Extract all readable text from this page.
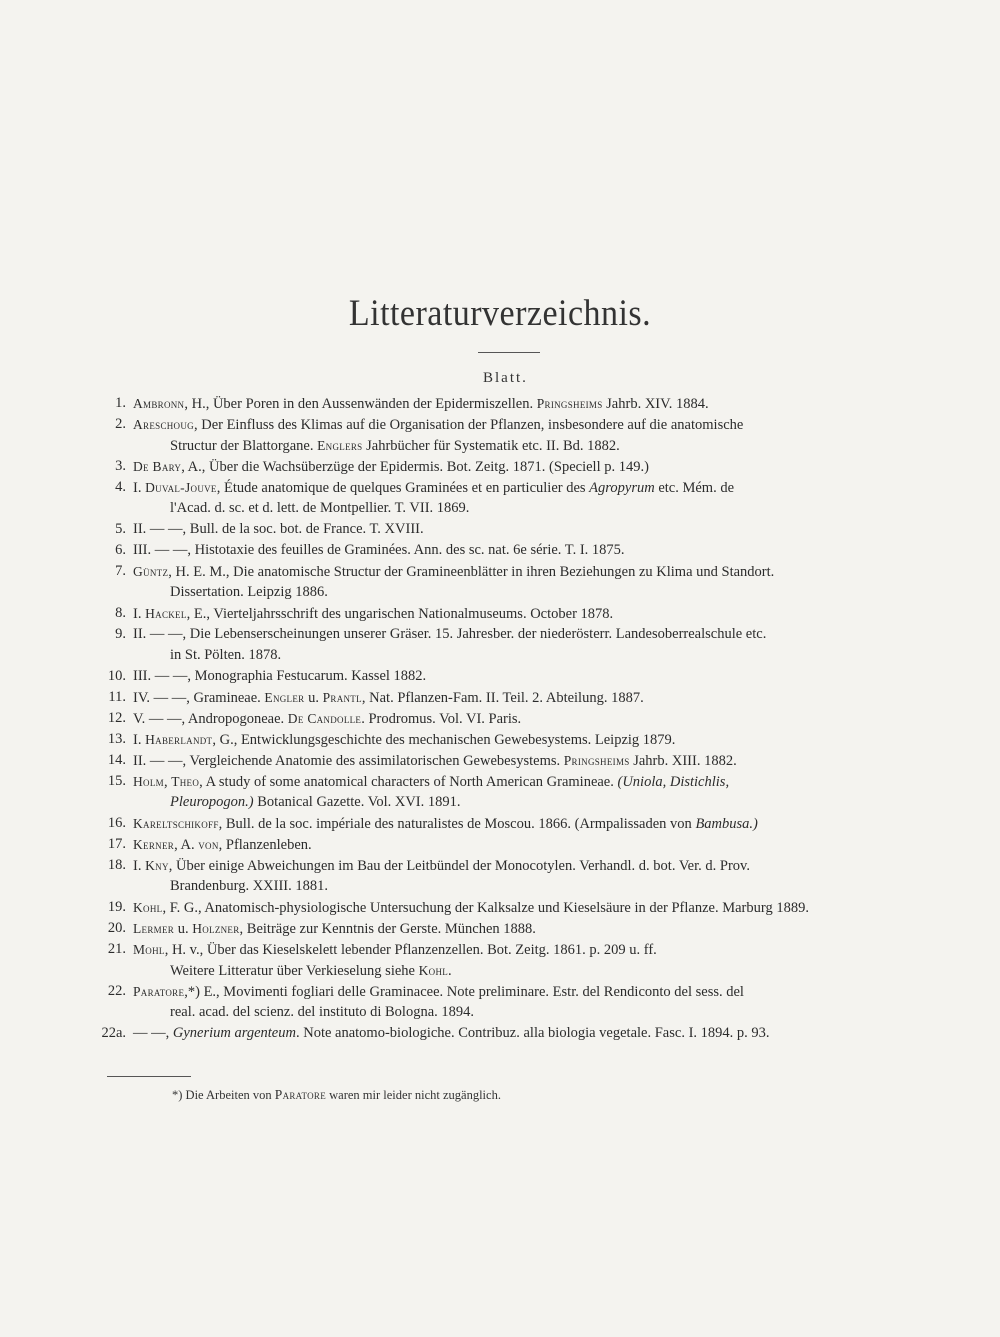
Litteraturverzeichnis.
Blatt.
1. Ambronn, H., Über Poren in den Aussenwänden der Epidermiszellen. Pringsheims Jahrb. XIV. 1884.
2. Areschoug, Der Einfluss des Klimas auf die Organisation der Pflanzen, insbesondere auf die anatomische
Structur der Blattorgane. Englers Jahrbücher für Systematik etc. II. Bd. 1882.
3. De Bary, A., Über die Wachsüberzüge der Epidermis. Bot. Zeitg. 1871. (Speciell p. 149.)
4. I. Duval-Jouve, Étude anatomique de quelques Graminées et en particulier des Agropyrum etc. Mém. de
l'Acad. d. sc. et d. lett. de Montpellier. T. VII. 1869.
5. II. — —, Bull. de la soc. bot. de France. T. XVIII.
6. III. — —, Histotaxie des feuilles de Graminées. Ann. des sc. nat. 6e série. T. I. 1875.
7. Güntz, H. E. M., Die anatomische Structur der Gramineenblätter in ihren Beziehungen zu Klima und Standort.
Dissertation. Leipzig 1886.
8. I. Hackel, E., Vierteljahrsschrift des ungarischen Nationalmuseums. October 1878.
9. II. — —, Die Lebenserscheinungen unserer Gräser. 15. Jahresber. der niederösterr. Landesoberrealschule etc.
in St. Pölten. 1878.
10. III. — —, Monographia Festucarum. Kassel 1882.
11. IV. — —, Gramineae. Engler u. Prantl, Nat. Pflanzen-Fam. II. Teil. 2. Abteilung. 1887.
12. V. — —, Andropogoneae. De Candolle. Prodromus. Vol. VI. Paris.
13. I. Haberlandt, G., Entwicklungsgeschichte des mechanischen Gewebesystems. Leipzig 1879.
14. II. — —, Vergleichende Anatomie des assimilatorischen Gewebesystems. Pringsheims Jahrb. XIII. 1882.
15. Holm, Theo, A study of some anatomical characters of North American Gramineae. (Uniola, Distichlis,
Pleuropogon.) Botanical Gazette. Vol. XVI. 1891.
16. Kareltschikoff, Bull. de la soc. impériale des naturalistes de Moscou. 1866. (Armpalissaden von Bambusa.)
17. Kerner, A. von, Pflanzenleben.
18. I. Kny, Über einige Abweichungen im Bau der Leitbündel der Monocotylen. Verhandl. d. bot. Ver. d. Prov.
Brandenburg. XXIII. 1881.
19. Kohl, F. G., Anatomisch-physiologische Untersuchung der Kalksalze und Kieselsäure in der Pflanze. Marburg 1889.
20. Lermer u. Holzner, Beiträge zur Kenntnis der Gerste. München 1888.
21. Mohl, H. v., Über das Kieselskelett lebender Pflanzenzellen. Bot. Zeitg. 1861. p. 209 u. ff.
Weitere Litteratur über Verkieselung siehe Kohl.
22. Paratore,*) E., Movimenti fogliari delle Graminacee. Note preliminare. Estr. del Rendiconto del sess. del
real. acad. del scienz. del instituto di Bologna. 1894.
22a. — —, Gynerium argenteum. Note anatomo-biologiche. Contribuz. alla biologia vegetale. Fasc. I. 1894. p. 93.
*) Die Arbeiten von Paratore waren mir leider nicht zugänglich.
